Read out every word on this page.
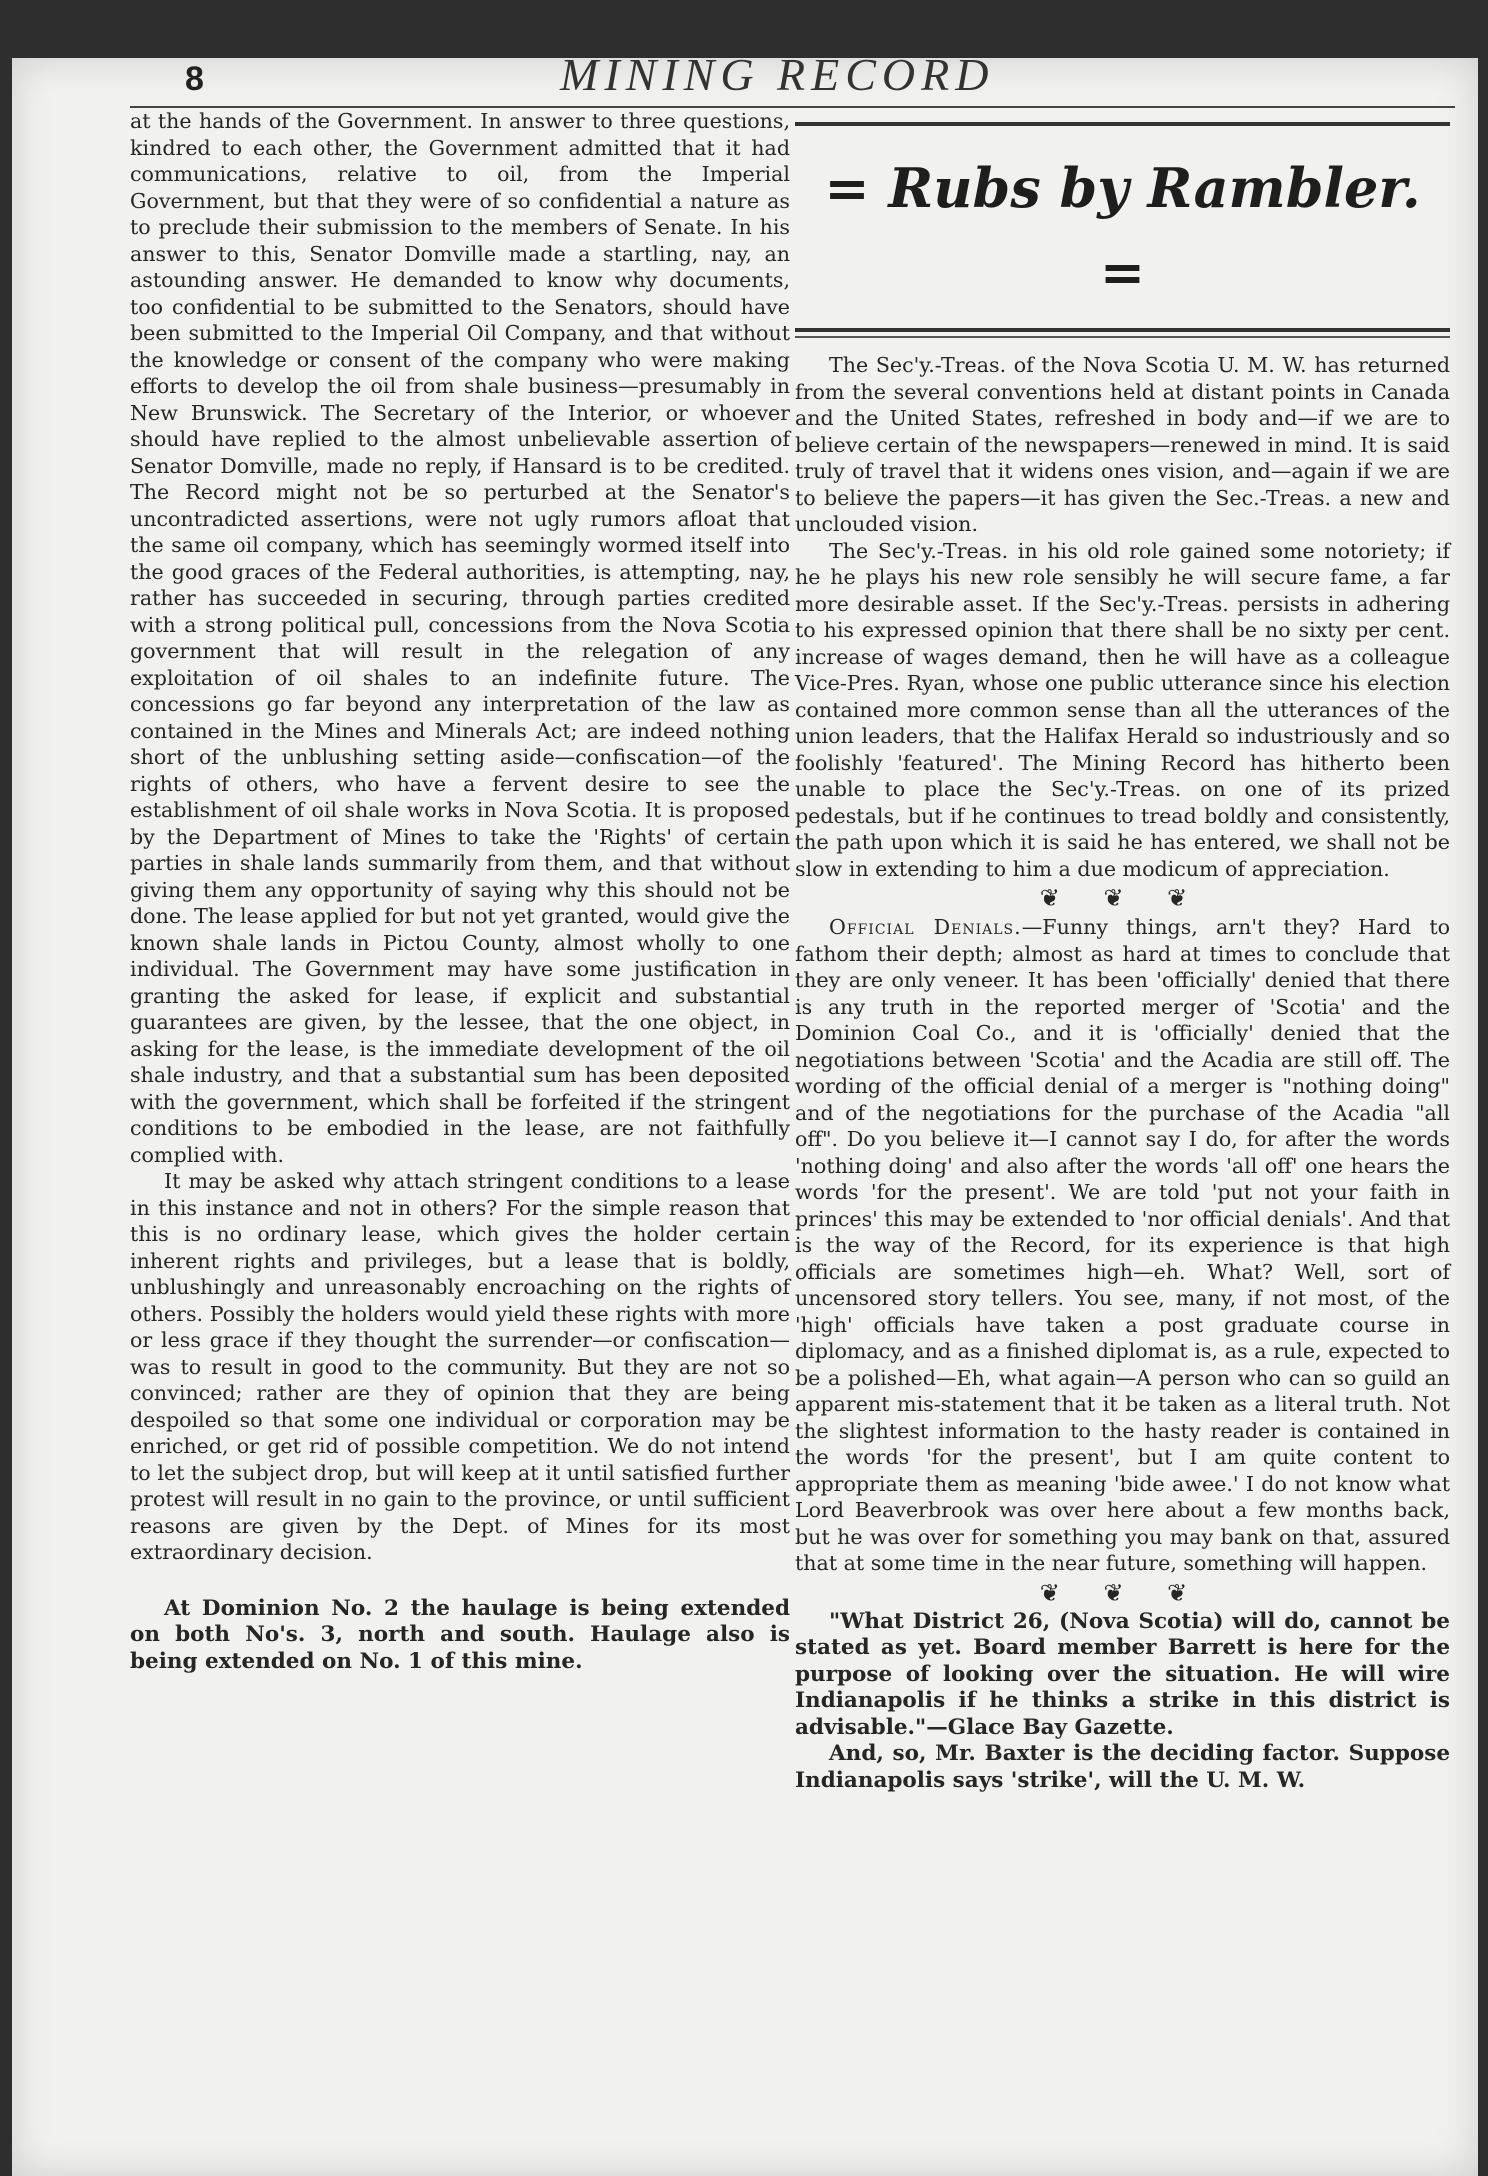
8	MINING RECORD

at the hands of the Government. In answer to three questions, kindred to each other, the Government admitted that it had communications, relative to oil, from the Imperial Government, but that they were of so confidential a nature as to preclude their submission to the members of Senate. In his answer to this, Senator Domville made a startling, nay, an astounding answer. He demanded to know why documents, too confidential to be submitted to the Senators, should have been submitted to the Imperial Oil Company, and that without the knowledge or consent of the company who were making efforts to develop the oil from shale business—presumably in New Brunswick. The Secretary of the Interior, or whoever should have replied to the almost unbelievable assertion of Senator Domville, made no reply, if Hansard is to be credited. The Record might not be so perturbed at the Senator's uncontradicted assertions, were not ugly rumors afloat that the same oil company, which has seemingly wormed itself into the good graces of the Federal authorities, is attempting, nay, rather has succeeded in securing, through parties credited with a strong political pull, concessions from the Nova Scotia government that will result in the relegation of any exploitation of oil shales to an indefinite future. The concessions go far beyond any interpretation of the law as contained in the Mines and Minerals Act; are indeed nothing short of the unblushing setting aside—confiscation—of the rights of others, who have a fervent desire to see the establishment of oil shale works in Nova Scotia. It is proposed by the Department of Mines to take the 'Rights' of certain parties in shale lands summarily from them, and that without giving them any opportunity of saying why this should not be done. The lease applied for but not yet granted, would give the known shale lands in Pictou County, almost wholly to one individual. The Government may have some justification in granting the asked for lease, if explicit and substantial guarantees are given, by the lessee, that the one object, in asking for the lease, is the immediate development of the oil shale industry, and that a substantial sum has been deposited with the government, which shall be forfeited if the stringent conditions to be embodied in the lease, are not faithfully complied with.

It may be asked why attach stringent conditions to a lease in this instance and not in others? For the simple reason that this is no ordinary lease, which gives the holder certain inherent rights and privileges, but a lease that is boldly, unblushingly and unreasonably encroaching on the rights of others. Possibly the holders would yield these rights with more or less grace if they thought the surrender—or confiscation—was to result in good to the community. But they are not so convinced; rather are they of opinion that they are being despoiled so that some one individual or corporation may be enriched, or get rid of possible competition. We do not intend to let the subject drop, but will keep at it until satisfied further protest will result in no gain to the province, or until sufficient reasons are given by the Dept. of Mines for its most extraordinary decision.

At Dominion No. 2 the haulage is being extended on both No's. 3, north and south. Haulage also is being extended on No. 1 of this mine.

= Rubs by Rambler. =

The Sec'y.-Treas. of the Nova Scotia U. M. W. has returned from the several conventions held at distant points in Canada and the United States, refreshed in body and—if we are to believe certain of the newspapers—renewed in mind. It is said truly of travel that it widens ones vision, and—again if we are to believe the papers—it has given the Sec.-Treas. a new and unclouded vision.

The Sec'y.-Treas. in his old role gained some notoriety; if he he plays his new role sensibly he will secure fame, a far more desirable asset. If the Sec'y.-Treas. persists in adhering to his expressed opinion that there shall be no sixty per cent. increase of wages demand, then he will have as a colleague Vice-Pres. Ryan, whose one public utterance since his election contained more common sense than all the utterances of the union leaders, that the Halifax Herald so industriously and so foolishly 'featured'. The Mining Record has hitherto been unable to place the Sec'y.-Treas. on one of its prized pedestals, but if he continues to tread boldly and consistently, the path upon which it is said he has entered, we shall not be slow in extending to him a due modicum of appreciation.

❦ ❦ ❦

Official Denials.—Funny things, arn't they? Hard to fathom their depth; almost as hard at times to conclude that they are only veneer. It has been 'officially' denied that there is any truth in the reported merger of 'Scotia' and the Dominion Coal Co., and it is 'officially' denied that the negotiations between 'Scotia' and the Acadia are still off. The wording of the official denial of a merger is "nothing doing" and of the negotiations for the purchase of the Acadia "all off". Do you believe it—I cannot say I do, for after the words 'nothing doing' and also after the words 'all off' one hears the words 'for the present'. We are told 'put not your faith in princes' this may be extended to 'nor official denials'. And that is the way of the Record, for its experience is that high officials are sometimes high—eh. What? Well, sort of uncensored story tellers. You see, many, if not most, of the 'high' officials have taken a post graduate course in diplomacy, and as a finished diplomat is, as a rule, expected to be a polished—Eh, what again—A person who can so guild an apparent mis-statement that it be taken as a literal truth. Not the slightest information to the hasty reader is contained in the words 'for the present', but I am quite content to appropriate them as meaning 'bide awee.' I do not know what Lord Beaverbrook was over here about a few months back, but he was over for something you may bank on that, assured that at some time in the near future, something will happen.

❦ ❦ ❦

"What District 26, (Nova Scotia) will do, cannot be stated as yet. Board member Barrett is here for the purpose of looking over the situation. He will wire Indianapolis if he thinks a strike in this district is advisable."—Glace Bay Gazette.

And, so, Mr. Baxter is the deciding factor. Suppose Indianapolis says 'strike', will the U. M. W.
